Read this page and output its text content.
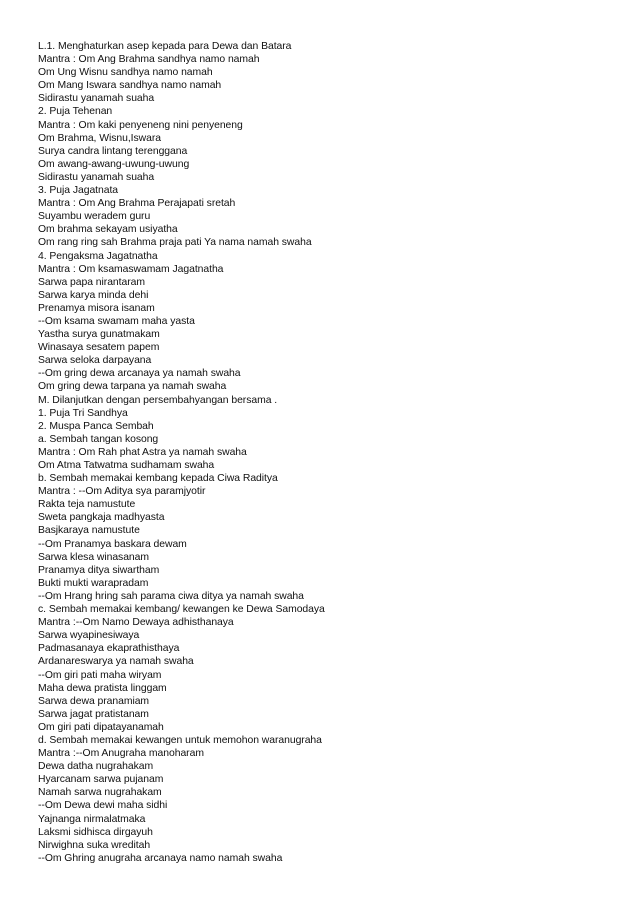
L.1. Menghaturkan asep kepada para Dewa dan Batara
Mantra : Om Ang Brahma sandhya namo namah
Om Ung Wisnu sandhya namo namah
Om Mang Iswara sandhya namo namah
Sidirastu yanamah suaha
2. Puja Tehenan
Mantra : Om kaki penyeneng nini penyeneng
Om Brahma, Wisnu,Iswara
Surya candra lintang terenggana
Om awang-awang-uwung-uwung
Sidirastu yanamah suaha
3. Puja Jagatnata
Mantra : Om Ang Brahma Perajapati sretah
Suyambu weradem guru
Om brahma sekayam usiyatha
Om rang ring sah Brahma praja pati Ya nama namah swaha
4. Pengaksma Jagatnatha
Mantra : Om ksamaswamam Jagatnatha
Sarwa papa nirantaram
Sarwa karya minda dehi
Prenamya misora isanam
--Om ksama swamam maha yasta
Yastha surya gunatmakam
Winasaya sesatem papem
Sarwa seloka darpayana
--Om gring dewa arcanaya ya namah swaha
Om gring dewa tarpana ya namah swaha
M. Dilanjutkan dengan persembahyangan bersama .
1. Puja Tri Sandhya
2. Muspa Panca Sembah
a. Sembah tangan kosong
Mantra : Om Rah phat Astra ya namah swaha
Om Atma Tatwatma sudhamam swaha
b. Sembah memakai kembang kepada Ciwa Raditya
Mantra : --Om Aditya sya paramjyotir
Rakta teja namustute
Sweta pangkaja madhyasta
Basjkaraya namustute
--Om Pranamya baskara dewam
Sarwa klesa winasanam
Pranamya ditya siwartham
Bukti mukti warapradam
--Om Hrang hring sah parama ciwa ditya ya namah swaha
c. Sembah memakai kembang/ kewangen ke Dewa Samodaya
Mantra :--Om Namo Dewaya adhisthanaya
Sarwa wyapinesiwaya
Padmasanaya ekaprathisthaya
Ardanareswarya ya namah swaha
--Om giri pati maha wiryam
Maha dewa pratista linggam
Sarwa dewa pranamiam
Sarwa jagat pratistanam
Om giri pati dipatayanamah
d. Sembah memakai kewangen untuk memohon waranugraha
Mantra :--Om Anugraha manoharam
Dewa datha nugrahakam
Hyarcanam sarwa pujanam
Namah sarwa nugrahakam
--Om Dewa dewi maha sidhi
Yajnanga nirmalatmaka
Laksmi sidhisca dirgayuh
Nirwighna suka wreditah
--Om Ghring anugraha arcanaya namo namah swaha
